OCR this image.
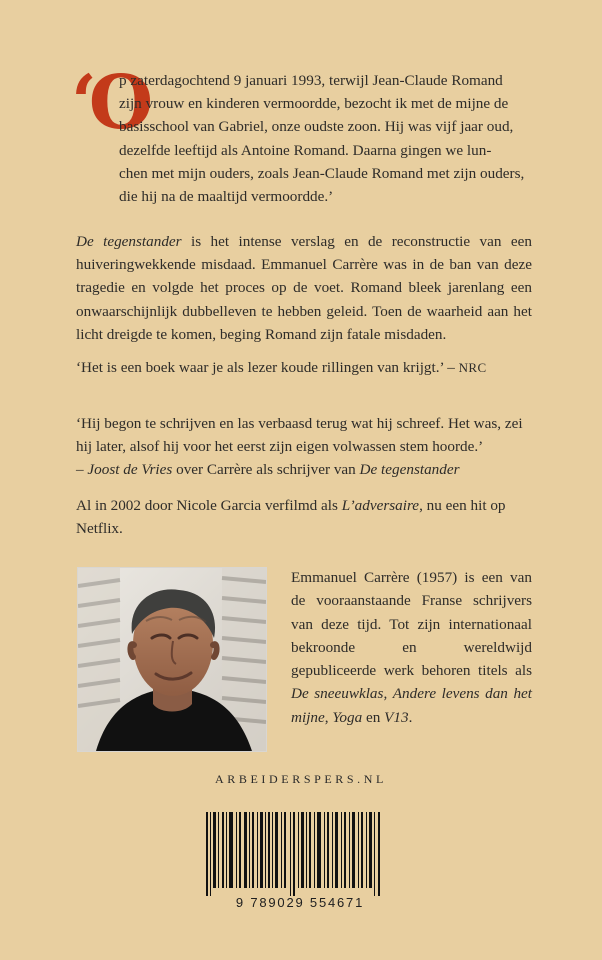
‘O
p zaterdagochtend 9 januari 1993, terwijl Jean-Claude Romand
zijn vrouw en kinderen vermoordde, bezocht ik met de mijne de
basisschool van Gabriel, onze oudste zoon. Hij was vijf jaar oud,
dezelfde leeftijd als Antoine Romand. Daarna gingen we lun-
chen met mijn ouders, zoals Jean-Claude Romand met zijn ouders,
die hij na de maaltijd vermoordde.’
De tegenstander is het intense verslag en de reconstructie van een huiveringwekkende misdaad. Emmanuel Carrère was in de ban van deze tragedie en volgde het proces op de voet. Romand bleek jarenlang een onwaarschijnlijk dubbelleven te hebben geleid. Toen de waarheid aan het licht dreigde te komen, beging Romand zijn fatale misdaden.
‘Het is een boek waar je als lezer koude rillingen van krijgt.’ – NRC
‘Hij begon te schrijven en las verbaasd terug wat hij schreef. Het was, zei hij later, alsof hij voor het eerst zijn eigen volwassen stem hoorde.’
– Joost de Vries over Carrère als schrijver van De tegenstander
Al in 2002 door Nicole Garcia verfilmd als L’adversaire, nu een hit op Netflix.
Emmanuel Carrère (1957) is een van de vooraanstaande Franse schrijvers van deze tijd. Tot zijn internationaal bekroonde en wereldwijd gepubliceerde werk behoren titels als De sneeuwklas, Andere levens dan het mijne, Yoga en V13.
ARBEIDERSPERS.NL
9 789029 554671
